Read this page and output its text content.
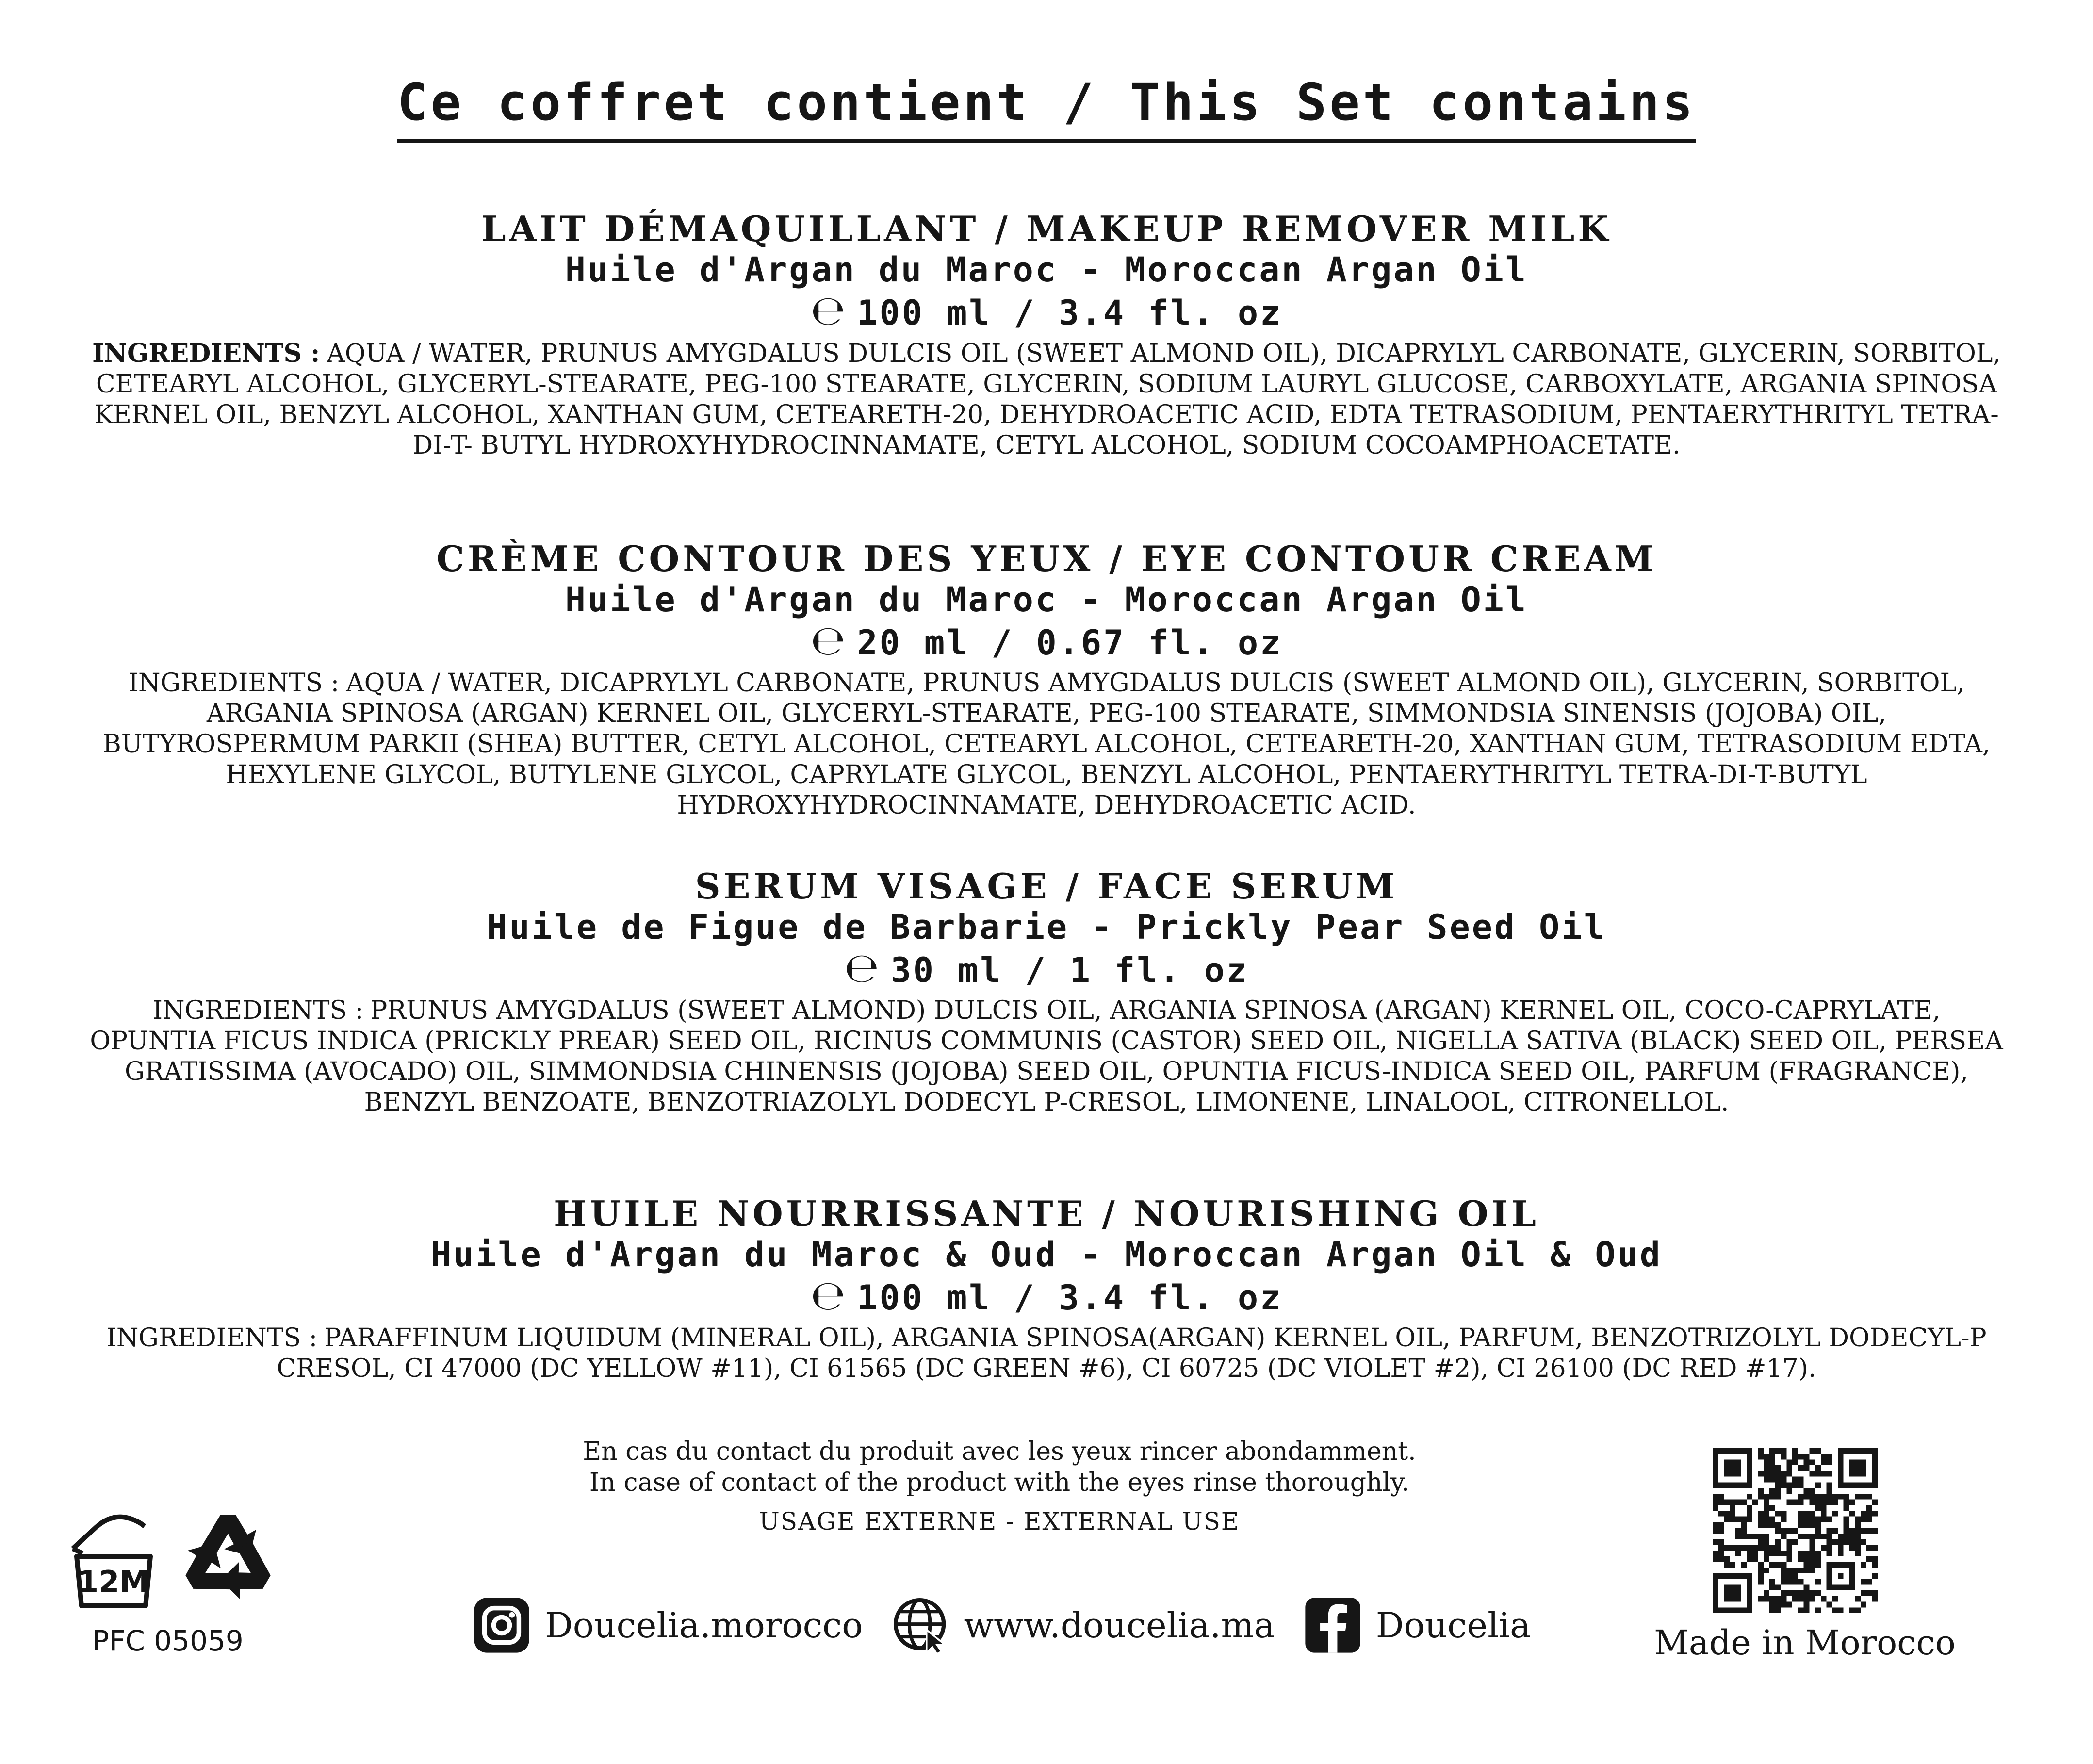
Ce coffret contient / This Set contains
LAIT DÉMAQUILLANT / MAKEUP REMOVER MILK
Huile d'Argan du Maroc - Moroccan Argan Oil
℮ 100 ml / 3.4 fl. oz
INGREDIENTS : AQUA / WATER, PRUNUS AMYGDALUS DULCIS OIL (SWEET ALMOND OIL), DICAPRYLYL CARBONATE, GLYCERIN, SORBITOL, CETEARYL ALCOHOL, GLYCERYL-STEARATE, PEG-100 STEARATE, GLYCERIN, SODIUM LAURYL GLUCOSE, CARBOXYLATE, ARGANIA SPINOSA KERNEL OIL, BENZYL ALCOHOL, XANTHAN GUM, CETEARETH-20, DEHYDROACETIC ACID, EDTA TETRASODIUM, PENTAERYTHRITYL TETRA-DI-T- BUTYL HYDROXYHYDROCINNAMATE, CETYL ALCOHOL, SODIUM COCOAMPHOACETATE.
CRÈME CONTOUR DES YEUX / EYE CONTOUR CREAM
Huile d'Argan du Maroc - Moroccan Argan Oil
℮ 20 ml / 0.67 fl. oz
INGREDIENTS : AQUA / WATER, DICAPRYLYL CARBONATE, PRUNUS AMYGDALUS DULCIS (SWEET ALMOND OIL), GLYCERIN, SORBITOL, ARGANIA SPINOSA (ARGAN) KERNEL OIL, GLYCERYL-STEARATE, PEG-100 STEARATE, SIMMONDSIA SINENSIS (JOJOBA) OIL, BUTYROSPERMUM PARKII (SHEA) BUTTER, CETYL ALCOHOL, CETEARYL ALCOHOL, CETEARETH-20, XANTHAN GUM, TETRASODIUM EDTA, HEXYLENE GLYCOL, BUTYLENE GLYCOL, CAPRYLATE GLYCOL, BENZYL ALCOHOL, PENTAERYTHRITYL TETRA-DI-T-BUTYL HYDROXYHYDROCINNAMATE, DEHYDROACETIC ACID.
SERUM VISAGE / FACE SERUM
Huile de Figue de Barbarie - Prickly Pear Seed Oil
℮ 30 ml / 1 fl. oz
INGREDIENTS : PRUNUS AMYGDALUS (SWEET ALMOND) DULCIS OIL, ARGANIA SPINOSA (ARGAN) KERNEL OIL, COCO-CAPRYLATE, OPUNTIA FICUS INDICA (PRICKLY PREAR) SEED OIL, RICINUS COMMUNIS (CASTOR) SEED OIL, NIGELLA SATIVA (BLACK) SEED OIL, PERSEA GRATISSIMA (AVOCADO) OIL, SIMMONDSIA CHINENSIS (JOJOBA) SEED OIL, OPUNTIA FICUS-INDICA SEED OIL, PARFUM (FRAGRANCE), BENZYL BENZOATE, BENZOTRIAZOLYL DODECYL P-CRESOL, LIMONENE, LINALOOL, CITRONELLOL.
HUILE NOURRISSANTE / NOURISHING OIL
Huile d'Argan du Maroc & Oud - Moroccan Argan Oil & Oud
℮ 100 ml / 3.4 fl. oz
INGREDIENTS : PARAFFINUM LIQUIDUM (MINERAL OIL), ARGANIA SPINOSA(ARGAN) KERNEL OIL, PARFUM, BENZOTRIZOLYL DODECYL-P CRESOL, CI 47000 (DC YELLOW #11), CI 61565 (DC GREEN #6), CI 60725 (DC VIOLET #2), CI 26100 (DC RED #17).
En cas du contact du produit avec les yeux rincer abondamment.
In case of contact of the product with the eyes rinse thoroughly.
USAGE EXTERNE - EXTERNAL USE
12M
PFC 05059	Doucelia.morocco	www.doucelia.ma	Doucelia	Made in Morocco
